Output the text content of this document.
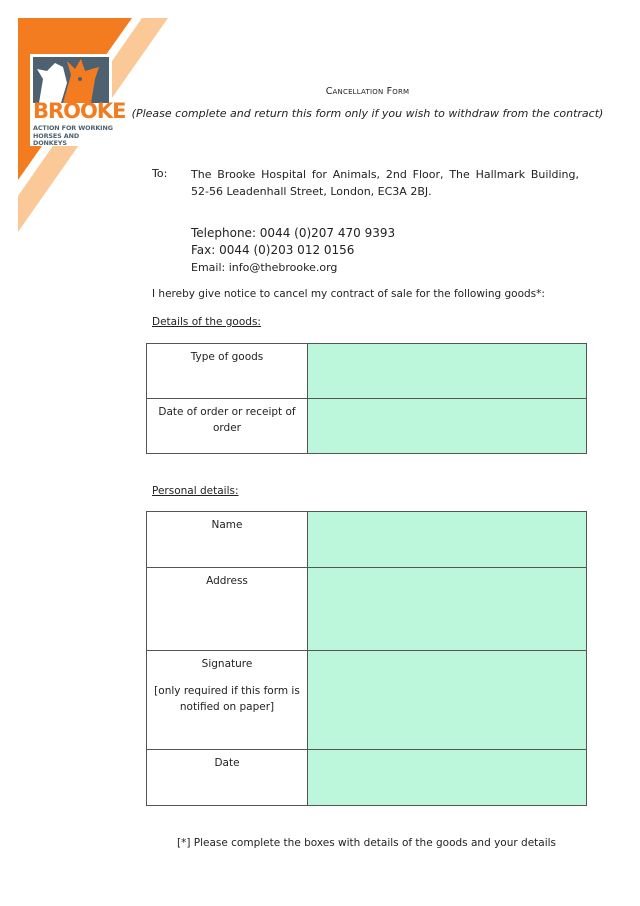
BROOKE
ACTION FOR WORKING HORSES AND DONKEYS
Cancellation Form
(Please complete and return this form only if you wish to withdraw from the contract)
To: The Brooke Hospital for Animals, 2nd Floor, The Hallmark Building, 52-56 Leadenhall Street, London, EC3A 2BJ.
Telephone: 0044 (0)207 470 9393
Fax: 0044 (0)203 012 0156
Email: info@thebrooke.org
I hereby give notice to cancel my contract of sale for the following goods*:
Details of the goods:
Type of goods	
Date of order or receipt of order	
Personal details:
Name	
Address	
Signature
[only required if this form is notified on paper]	

Date	
[*] Please complete the boxes with details of the goods and your details
